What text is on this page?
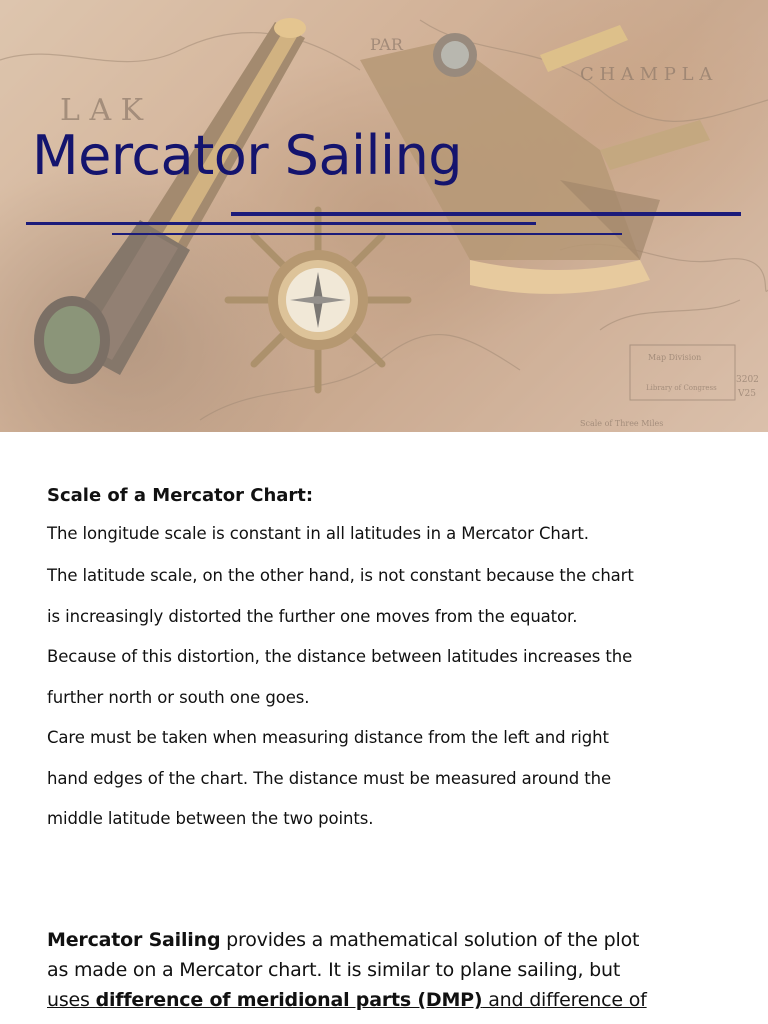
L A K
PAR
C H A M P L A
Map Division
Library of Congress
3202
V25
Scale of Three Miles
Mercator Sailing
Scale of a Mercator Chart:
The longitude scale is constant in all latitudes in a Mercator Chart.
The latitude scale, on the other hand, is not constant because the chart
is increasingly distorted the further one moves from the equator.
Because of this distortion, the distance between latitudes increases the
further north or south one goes.
Care must be taken when measuring distance from the left and right
hand edges of the chart. The distance must be measured around the
middle latitude between the two points.
Mercator Sailing provides a mathematical solution of the plot
as made on a Mercator chart. It is similar to plane sailing, but
uses difference of meridional parts (DMP) and difference of
